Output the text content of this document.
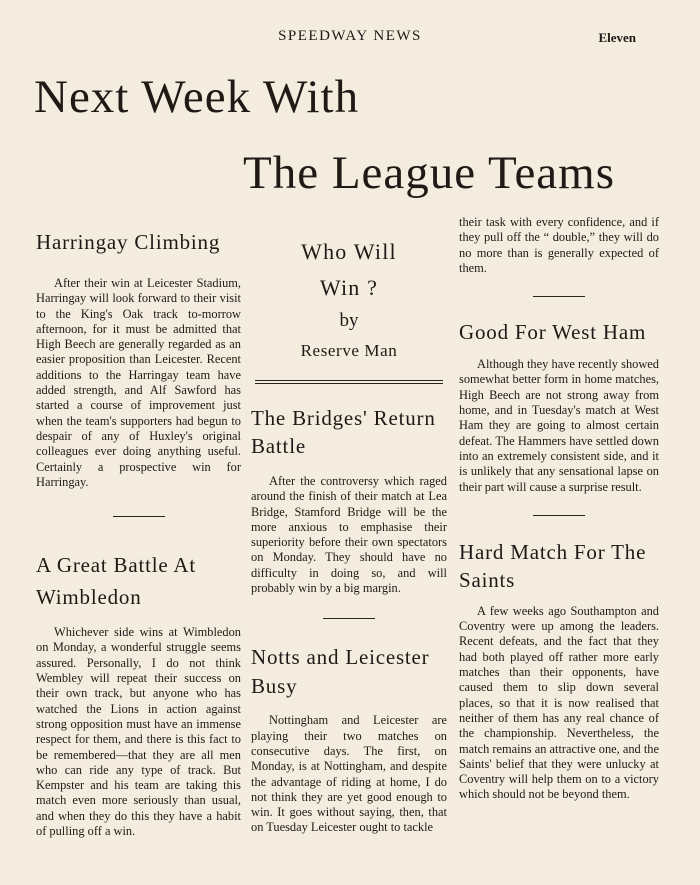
SPEEDWAY NEWS	Eleven
Next Week With
The League Teams
Harringay Climbing

After their win at Leicester Stadium, Harringay will look forward to their visit to the King's Oak track to-morrow afternoon, for it must be admitted that High Beech are generally regarded as an easier proposition than Leicester. Recent additions to the Harringay team have added strength, and Alf Sawford has started a course of improvement just when the team's supporters had begun to despair of any of Huxley's original colleagues ever doing anything useful. Certainly a prospective win for Harringay.

A Great Battle At Wimbledon

Whichever side wins at Wimbledon on Monday, a wonderful struggle seems assured. Personally, I do not think Wembley will repeat their success on their own track, but anyone who has watched the Lions in action against strong opposition must have an immense respect for them, and there is this fact to be remembered—that they are all men who can ride any type of track. But Kempster and his team are taking this match even more seriously than usual, and when they do this they have a habit of pulling off a win.

Who Will
Win ?
by
Reserve Man
The Bridges' Return Battle

After the controversy which raged around the finish of their match at Lea Bridge, Stamford Bridge will be the more anxious to emphasise their superiority before their own spectators on Monday. They should have no difficulty in doing so, and will probably win by a big margin.

Notts and Leicester Busy

Nottingham and Leicester are playing their two matches on consecutive days. The first, on Monday, is at Nottingham, and despite the advantage of riding at home, I do not think they are yet good enough to win. It goes without saying, then, that on Tuesday Leicester ought to tackle

their task with every confidence, and if they pull off the “ double,” they will do no more than is generally expected of them.

Good For West Ham

Although they have recently showed somewhat better form in home matches, High Beech are not strong away from home, and in Tuesday's match at West Ham they are going to almost certain defeat. The Hammers have settled down into an extremely consistent side, and it is unlikely that any sensational lapse on their part will cause a surprise result.

Hard Match For The Saints

A few weeks ago Southampton and Coventry were up among the leaders. Recent defeats, and the fact that they had both played off rather more early matches than their opponents, have caused them to slip down several places, so that it is now realised that neither of them has any real chance of the championship. Nevertheless, the match remains an attractive one, and the Saints' belief that they were unlucky at Coventry will help them on to a victory which should not be beyond them.
